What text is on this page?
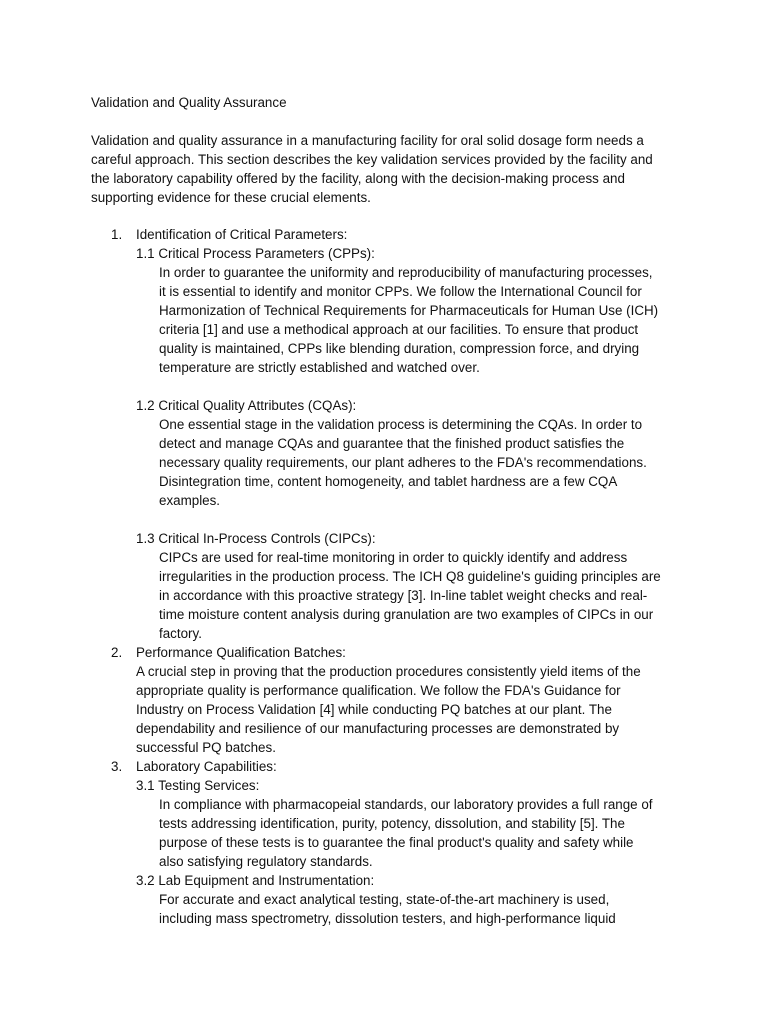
Validation and Quality Assurance
Validation and quality assurance in a manufacturing facility for oral solid dosage form needs a
careful approach. This section describes the key validation services provided by the facility and
the laboratory capability offered by the facility, along with the decision-making process and
supporting evidence for these crucial elements.
1. Identification of Critical Parameters:
1.1 Critical Process Parameters (CPPs):
In order to guarantee the uniformity and reproducibility of manufacturing processes,
it is essential to identify and monitor CPPs. We follow the International Council for
Harmonization of Technical Requirements for Pharmaceuticals for Human Use (ICH)
criteria [1] and use a methodical approach at our facilities. To ensure that product
quality is maintained, CPPs like blending duration, compression force, and drying
temperature are strictly established and watched over.
1.2 Critical Quality Attributes (CQAs):
One essential stage in the validation process is determining the CQAs. In order to
detect and manage CQAs and guarantee that the finished product satisfies the
necessary quality requirements, our plant adheres to the FDA's recommendations.
Disintegration time, content homogeneity, and tablet hardness are a few CQA
examples.
1.3 Critical In-Process Controls (CIPCs):
CIPCs are used for real-time monitoring in order to quickly identify and address
irregularities in the production process. The ICH Q8 guideline's guiding principles are
in accordance with this proactive strategy [3]. In-line tablet weight checks and real-
time moisture content analysis during granulation are two examples of CIPCs in our
factory.
2. Performance Qualification Batches:
A crucial step in proving that the production procedures consistently yield items of the
appropriate quality is performance qualification. We follow the FDA's Guidance for
Industry on Process Validation [4] while conducting PQ batches at our plant. The
dependability and resilience of our manufacturing processes are demonstrated by
successful PQ batches.
3. Laboratory Capabilities:
3.1 Testing Services:
In compliance with pharmacopeial standards, our laboratory provides a full range of
tests addressing identification, purity, potency, dissolution, and stability [5]. The
purpose of these tests is to guarantee the final product's quality and safety while
also satisfying regulatory standards.
3.2 Lab Equipment and Instrumentation:
For accurate and exact analytical testing, state-of-the-art machinery is used,
including mass spectrometry, dissolution testers, and high-performance liquid
